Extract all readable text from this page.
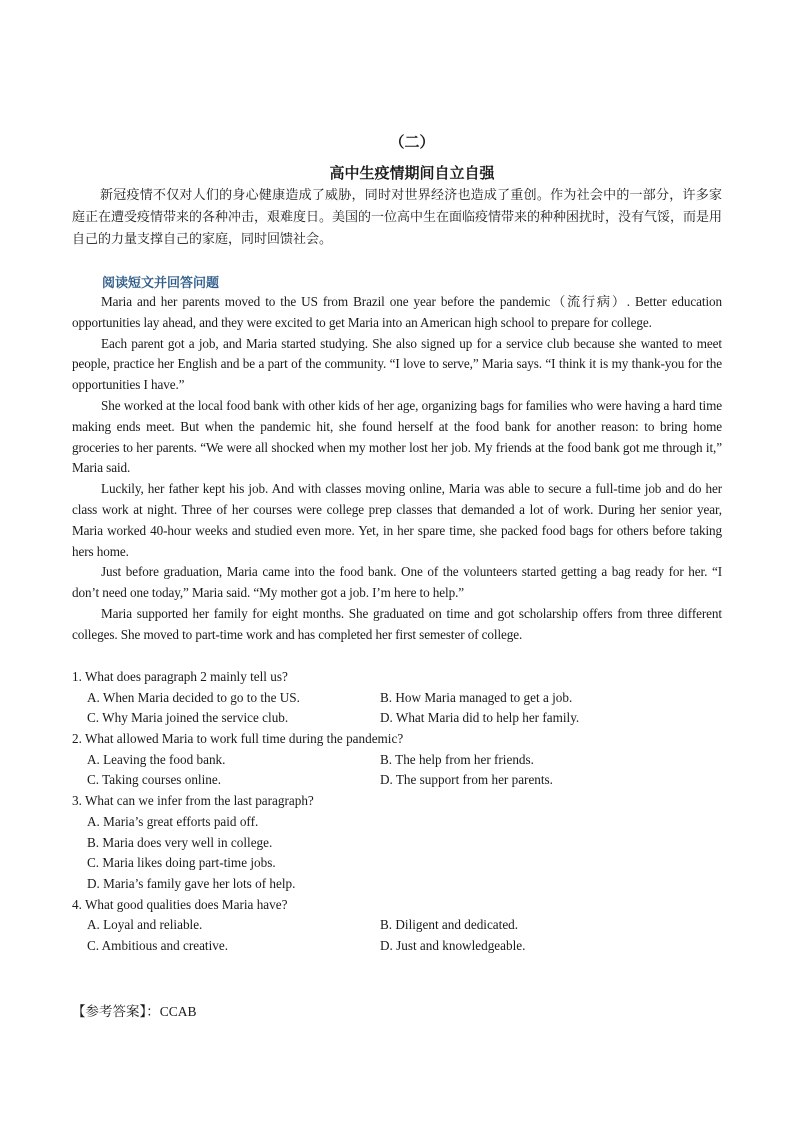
（二）
高中生疫情期间自立自强

新冠疫情不仅对人们的身心健康造成了威胁，同时对世界经济也造成了重创。作为社会中的一部分，许多家庭正在遭受疫情带来的各种冲击，艰难度日。美国的一位高中生在面临疫情带来的种种困扰时，没有气馁，而是用自己的力量支撑自己的家庭，同时回馈社会。

阅读短文并回答问题

Maria and her parents moved to the US from Brazil one year before the pandemic（流行病）. Better education opportunities lay ahead, and they were excited to get Maria into an American high school to prepare for college.

Each parent got a job, and Maria started studying. She also signed up for a service club because she wanted to meet people, practice her English and be a part of the community. “I love to serve,” Maria says. “I think it is my thank-you for the opportunities I have.”

She worked at the local food bank with other kids of her age, organizing bags for families who were having a hard time making ends meet. But when the pandemic hit, she found herself at the food bank for another reason: to bring home groceries to her parents. “We were all shocked when my mother lost her job. My friends at the food bank got me through it,” Maria said.

Luckily, her father kept his job. And with classes moving online, Maria was able to secure a full-time job and do her class work at night. Three of her courses were college prep classes that demanded a lot of work. During her senior year, Maria worked 40-hour weeks and studied even more. Yet, in her spare time, she packed food bags for others before taking hers home.

Just before graduation, Maria came into the food bank. One of the volunteers started getting a bag ready for her. “I don’t need one today,” Maria said. “My mother got a job. I’m here to help.”

Maria supported her family for eight months. She graduated on time and got scholarship offers from three different colleges. She moved to part-time work and has completed her first semester of college.

1. What does paragraph 2 mainly tell us?
A. When Maria decided to go to the US.	B. How Maria managed to get a job.
C. Why Maria joined the service club.	D. What Maria did to help her family.
2. What allowed Maria to work full time during the pandemic?
A. Leaving the food bank.	B. The help from her friends.
C. Taking courses online.	D. The support from her parents.
3. What can we infer from the last paragraph?
A. Maria’s great efforts paid off.
B. Maria does very well in college.
C. Maria likes doing part-time jobs.
D. Maria’s family gave her lots of help.
4. What good qualities does Maria have?
A. Loyal and reliable.	B. Diligent and dedicated.
C. Ambitious and creative.	D. Just and knowledgeable.
【参考答案】：CCAB
